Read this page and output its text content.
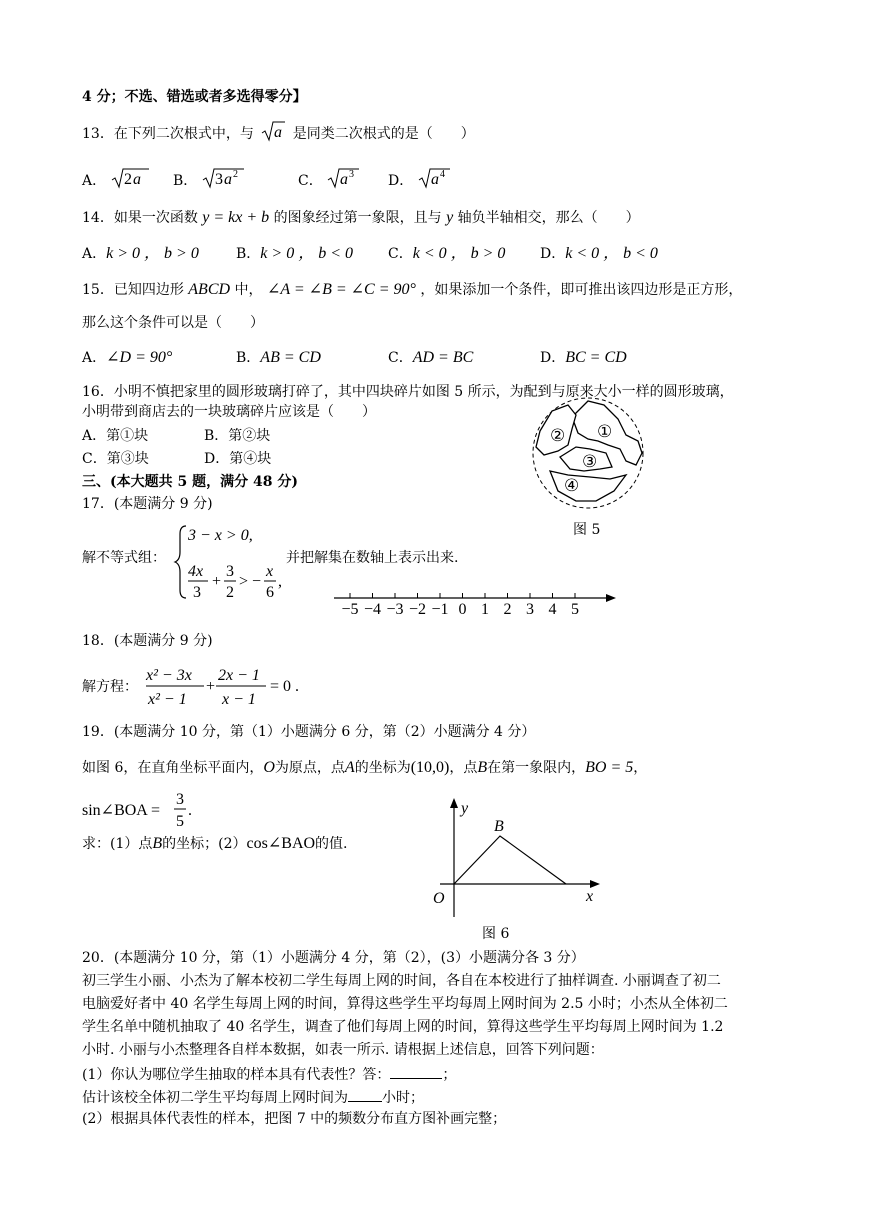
4 分；不选、错选或者多选得零分】
13．在下列二次根式中，与 a 是同类二次根式的是（　　）
A． 2 a B． 3 a 2	C． a 3 D． a 4
14．如果一次函数 y = kx + b 的图象经过第一象限，且与 y 轴负半轴相交，那么（　　）
A．k > 0 ， b > 0	B．k > 0 ， b < 0	C．k < 0 ， b > 0 D．k < 0 ， b < 0
15．已知四边形 ABCD 中， ∠A = ∠B = ∠C = 90° ，如果添加一个条件，即可推出该四边形是正方形，
那么这个条件可以是（　　）
A．∠D = 90°	B．AB = CD	C．AD = BC	D．BC = CD
16．小明不慎把家里的圆形玻璃打碎了，其中四块碎片如图 5 所示，为配到与原来大小一样的圆形玻璃，
小明带到商店去的一块玻璃碎片应该是（　　）
A．第①块	B．第②块
C．第③块	D．第④块
①
②
③
④
图 5
三、(本大题共 5 题，满分 48 分)
17．(本题满分 9 分)
解不等式组：
3 − x > 0,
4x
3
+
3
2
> −
x
6
,
并把解集在数轴上表示出来.
−5 −4 −3 −2 −1 0 1 2 3 4 5
18．(本题满分 9 分)
解方程：
x² − 3x
x² − 1
+
2x − 1
x − 1
= 0 .
19．(本题满分 10 分，第（1）小题满分 6 分，第（2）小题满分 4 分）
如图 6，在直角坐标平面内，O为原点，点A的坐标为(10,0)，点B在第一象限内，BO = 5，
sin∠BOA =
3
5
.
求：(1）点B的坐标；(2）cos∠BAO的值.
y
x
O
B
图 6
20．(本题满分 10 分，第（1）小题满分 4 分，第（2），(3）小题满分各 3 分）
初三学生小丽、小杰为了解本校初二学生每周上网的时间，各自在本校进行了抽样调查. 小丽调查了初二
电脑爱好者中 40 名学生每周上网的时间，算得这些学生平均每周上网时间为 2.5 小时；小杰从全体初二
学生名单中随机抽取了 40 名学生，调查了他们每周上网的时间，算得这些学生平均每周上网时间为 1.2
小时. 小丽与小杰整理各自样本数据，如表一所示. 请根据上述信息，回答下列问题：
(1）你认为哪位学生抽取的样本具有代表性？答：	；
估计该校全体初二学生平均每周上网时间为 小时；
(2）根据具体代表性的样本，把图 7 中的频数分布直方图补画完整；
